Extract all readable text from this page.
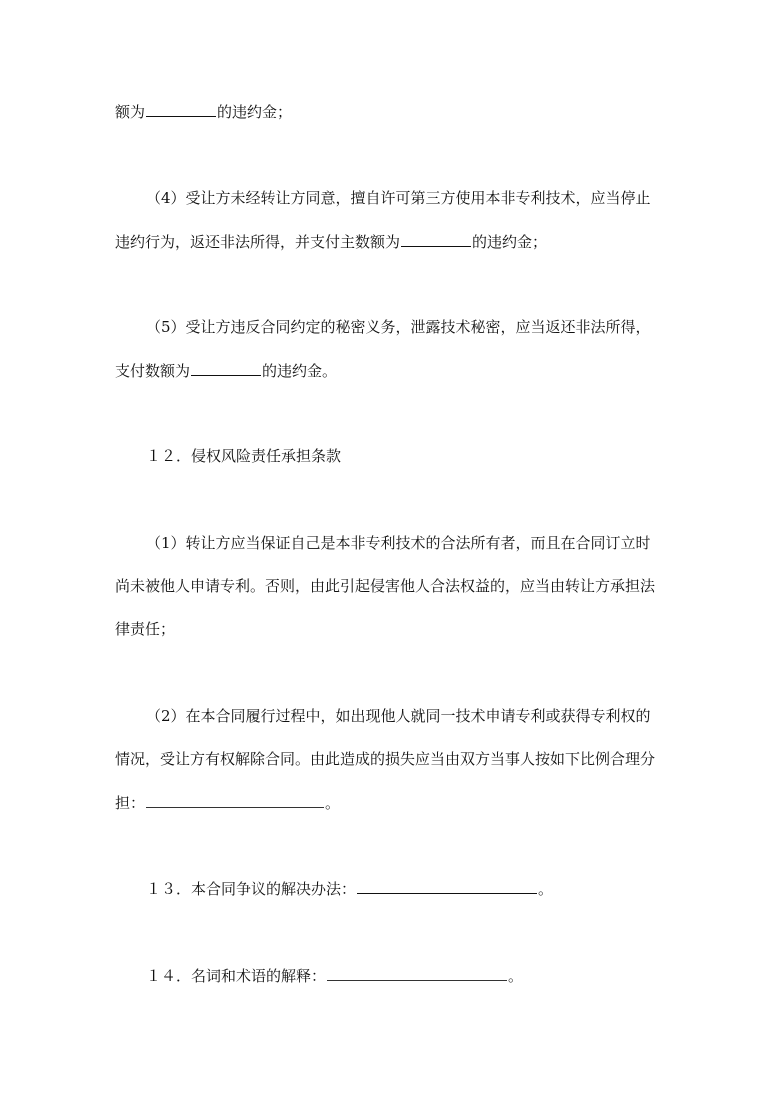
额为	的违约金；
（4）受让方未经转让方同意，擅自许可第三方使用本非专利技术，应当停止
违约行为，返还非法所得，并支付主数额为	的违约金；
（5）受让方违反合同约定的秘密义务，泄露技术秘密，应当返还非法所得，
支付数额为	的违约金。
１２．侵权风险责任承担条款
（1）转让方应当保证自己是本非专利技术的合法所有者，而且在合同订立时
尚未被他人申请专利。否则，由此引起侵害他人合法权益的，应当由转让方承担法
律责任；
（2）在本合同履行过程中，如出现他人就同一技术申请专利或获得专利权的
情况，受让方有权解除合同。由此造成的损失应当由双方当事人按如下比例合理分
担：	。
１３．本合同争议的解决办法：	。
１４．名词和术语的解释：	。
